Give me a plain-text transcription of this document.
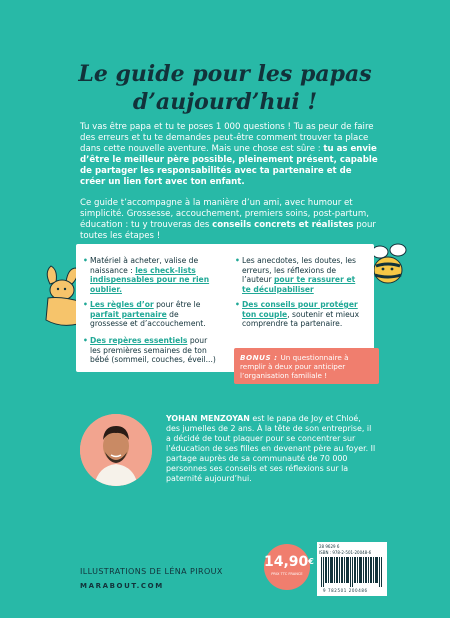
Le guide pour les papas
d’aujourd’hui !
Tu vas être papa et tu te poses 1 000 questions ! Tu as peur de faire des erreurs et tu te demandes peut-être comment trouver ta place dans cette nouvelle aventure. Mais une chose est sûre : tu as envie d’être le meilleur père possible, pleinement présent, capable de partager les responsabilités avec ta partenaire et de créer un lien fort avec ton enfant.
Ce guide t’accompagne à la manière d’un ami, avec humour et simplicité. Grossesse, accouchement, premiers soins, post-partum, éducation : tu y trouveras des conseils concrets et réalistes pour toutes les étapes !
• Matériel à acheter, valise de naissance : les check-lists indispensables pour ne rien oublier.
• Les règles d’or pour être le parfait partenaire de grossesse et d’accouchement.
• Des repères essentiels pour les premières semaines de ton bébé (sommeil, couches, éveil...)
• Les anecdotes, les doutes, les erreurs, les réflexions de l’auteur pour te rassurer et te déculpabiliser
• Des conseils pour protéger ton couple, soutenir et mieux comprendre ta partenaire.
BONUS : Un questionnaire à remplir à deux pour anticiper l’organisation familiale !
YOHAN MENZOYAN est le papa de Joy et Chloé, des jumelles de 2 ans. À la tête de son entreprise, il a décidé de tout plaquer pour se concentrer sur l’éducation de ses filles en devenant père au foyer. Il partage auprès de sa communauté de 70 000 personnes ses conseils et ses réflexions sur la paternité aujourd’hui.
ILLUSTRATIONS DE LÉNA PIROUX
MARABOUT.COM
14,90€
PRIX TTC FRANCE
28 9629 6
ISBN : 978-2-501-20048-6
9 782501 200486
